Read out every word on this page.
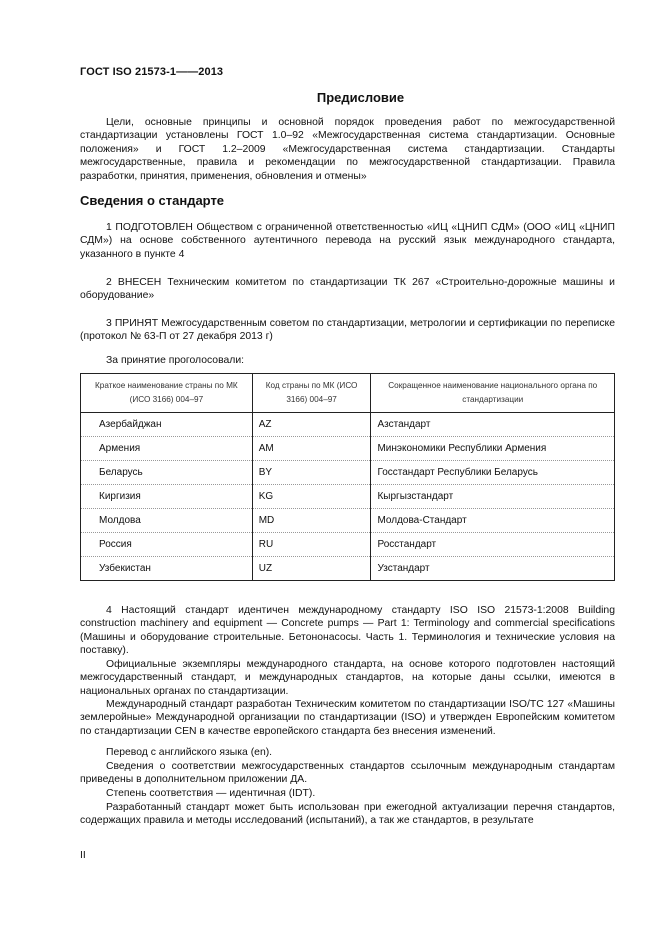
ГОСТ ISO 21573-1——2013
Предисловие
Цели, основные принципы и основной порядок проведения работ по межгосударственной стандартизации установлены ГОСТ 1.0–92 «Межгосударственная система стандартизации. Основные положения» и ГОСТ 1.2–2009 «Межгосударственная система стандартизации. Стандарты межгосударственные, правила и рекомендации по межгосударственной стандартизации. Правила разработки, принятия, применения, обновления и отмены»
Сведения о стандарте
1 ПОДГОТОВЛЕН Обществом с ограниченной ответственностью «ИЦ «ЦНИП СДМ» (ООО «ИЦ «ЦНИП СДМ») на основе собственного аутентичного перевода на русский язык международного стандарта, указанного в пункте 4
2 ВНЕСЕН Техническим комитетом по стандартизации ТК 267 «Строительно-дорожные машины и оборудование»
3 ПРИНЯТ Межгосударственным советом по стандартизации, метрологии и сертификации по переписке (протокол № 63-П от 27 декабря 2013 г)
За принятие проголосовали:
Краткое наименование страны по МК (ИСО 3166) 004–97	Код страны по МК (ИСО 3166) 004–97	Сокращенное наименование национального органа по стандартизации
Азербайджан	AZ	Азстандарт
Армения	AM	Минэкономики Республики Армения
Беларусь	BY	Госстандарт Республики Беларусь
Киргизия	KG	Кыргызстандарт
Молдова	MD	Молдова-Стандарт
Россия	RU	Росстандарт
Узбекистан	UZ	Узстандарт
4 Настоящий стандарт идентичен международному стандарту ISO ISO 21573-1:2008 Building construction machinery and equipment — Concrete pumps — Part 1: Terminology and commercial specifications (Машины и оборудование строительные. Бетононасосы. Часть 1. Терминология и технические условия на поставку).
Официальные экземпляры международного стандарта, на основе которого подготовлен настоящий межгосударственный стандарт, и международных стандартов, на которые даны ссылки, имеются в национальных органах по стандартизации.
Международный стандарт разработан Техническим комитетом по стандартизации ISO/TC 127 «Машины землеройные» Международной организации по стандартизации (ISO) и утвержден Европейским комитетом по стандартизации CEN в качестве европейского стандарта без внесения изменений.
Перевод с английского языка (en).
Сведения о соответствии межгосударственных стандартов ссылочным международным стандартам приведены в дополнительном приложении ДА.
Степень соответствия — идентичная (IDT).
Разработанный стандарт может быть использован при ежегодной актуализации перечня стандартов, содержащих правила и методы исследований (испытаний), а так же стандартов, в результате
II
